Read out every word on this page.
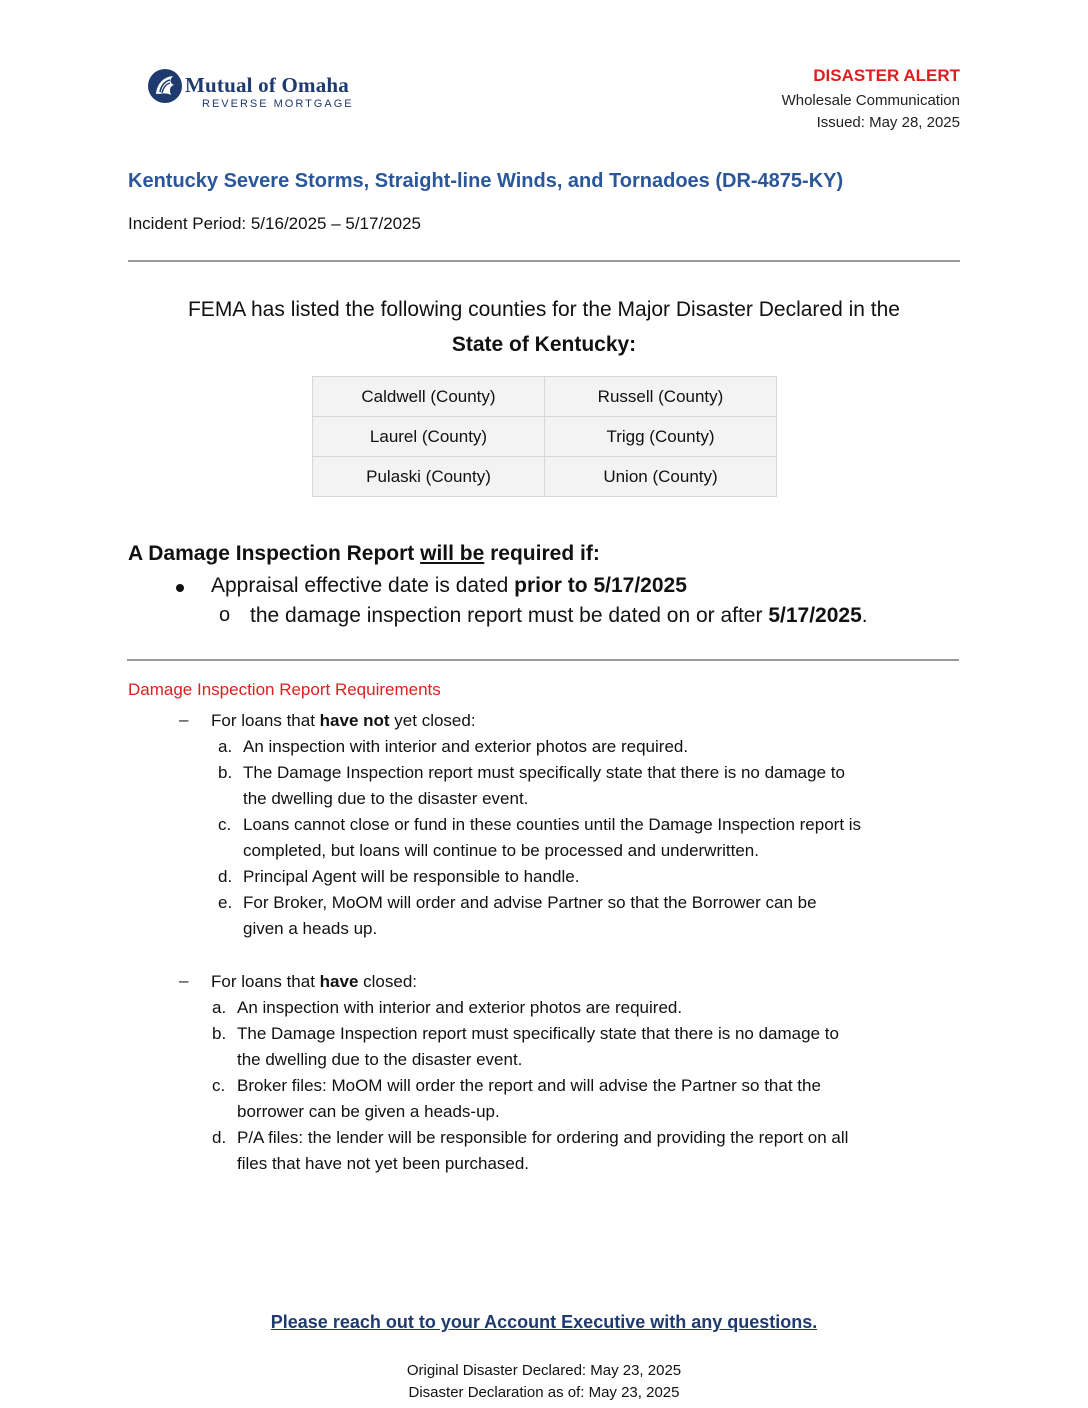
Mutual of Omaha
REVERSE MORTGAGE
DISASTER ALERT
Wholesale Communication
Issued: May 28, 2025
Kentucky Severe Storms, Straight-line Winds, and Tornadoes (DR-4875-KY)
Incident Period: 5/16/2025 – 5/17/2025
FEMA has listed the following counties for the Major Disaster Declared in the
State of Kentucky:
Caldwell (County)	Russell (County)
Laurel (County)	Trigg (County)
Pulaski (County)	Union (County)
A Damage Inspection Report will be required if:
Appraisal effective date is dated prior to 5/17/2025
o the damage inspection report must be dated on or after 5/17/2025.
Damage Inspection Report Requirements
– For loans that have not yet closed:
a. An inspection with interior and exterior photos are required.
b. The Damage Inspection report must specifically state that there is no damage to
the dwelling due to the disaster event.
c. Loans cannot close or fund in these counties until the Damage Inspection report is
completed, but loans will continue to be processed and underwritten.
d. Principal Agent will be responsible to handle.
e. For Broker, MoOM will order and advise Partner so that the Borrower can be
given a heads up.
– For loans that have closed:
a. An inspection with interior and exterior photos are required.
b. The Damage Inspection report must specifically state that there is no damage to
the dwelling due to the disaster event.
c. Broker files: MoOM will order the report and will advise the Partner so that the
borrower can be given a heads-up.
d. P/A files: the lender will be responsible for ordering and providing the report on all
files that have not yet been purchased.
Please reach out to your Account Executive with any questions.
Original Disaster Declared: May 23, 2025
Disaster Declaration as of: May 23, 2025
